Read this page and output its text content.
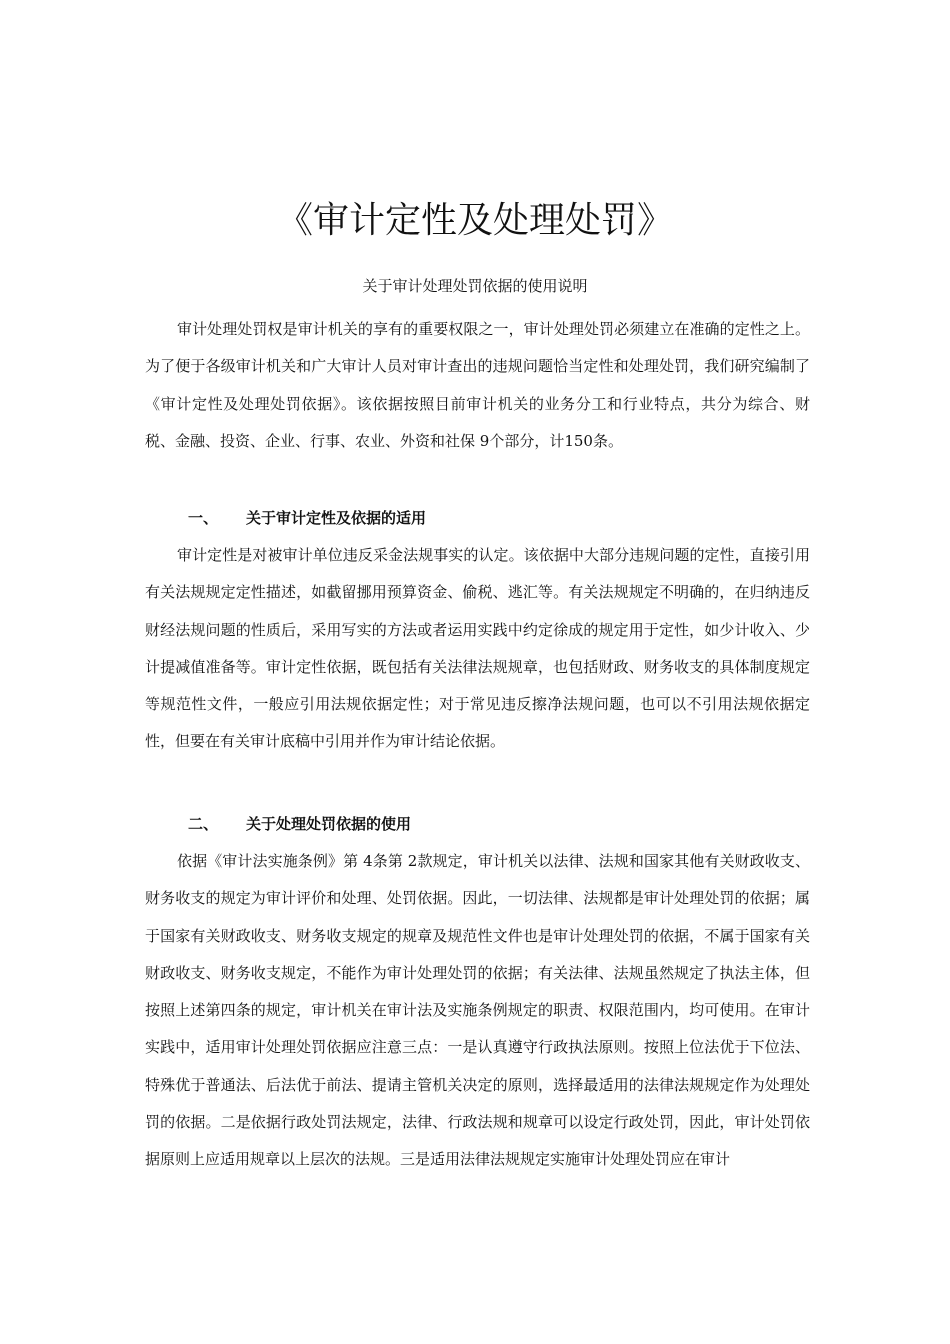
《审计定性及处理处罚》
关于审计处理处罚依据的使用说明
审计处理处罚权是审计机关的享有的重要权限之一，审计处理处罚必须建立在准确的定性之上。为了便于各级审计机关和广大审计人员对审计查出的违规问题恰当定性和处理处罚，我们研究编制了《审计定性及处理处罚依据》。该依据按照目前审计机关的业务分工和行业特点，共分为综合、财税、金融、投资、企业、行事、农业、外资和社保 9个部分，计150条。
一、 关于审计定性及依据的适用
审计定性是对被审计单位违反采金法规事实的认定。该依据中大部分违规问题的定性，直接引用有关法规规定定性描述，如截留挪用预算资金、偷税、逃汇等。有关法规规定不明确的，在归纳违反财经法规问题的性质后，采用写实的方法或者运用实践中约定徐成的规定用于定性，如少计收入、少计提减值准备等。审计定性依据，既包括有关法律法规规章，也包括财政、财务收支的具体制度规定等规范性文件，一般应引用法规依据定性；对于常见违反擦净法规问题，也可以不引用法规依据定性，但要在有关审计底稿中引用并作为审计结论依据。
二、 关于处理处罚依据的使用
依据《审计法实施条例》第 4条第 2款规定，审计机关以法律、法规和国家其他有关财政收支、财务收支的规定为审计评价和处理、处罚依据。因此，一切法律、法规都是审计处理处罚的依据；属于国家有关财政收支、财务收支规定的规章及规范性文件也是审计处理处罚的依据，不属于国家有关财政收支、财务收支规定，不能作为审计处理处罚的依据；有关法律、法规虽然规定了执法主体，但按照上述第四条的规定，审计机关在审计法及实施条例规定的职责、权限范围内，均可使用。在审计实践中，适用审计处理处罚依据应注意三点：一是认真遵守行政执法原则。按照上位法优于下位法、特殊优于普通法、后法优于前法、提请主管机关决定的原则，选择最适用的法律法规规定作为处理处罚的依据。二是依据行政处罚法规定，法律、行政法规和规章可以设定行政处罚，因此，审计处罚依据原则上应适用规章以上层次的法规。三是适用法律法规规定实施审计处理处罚应在审计
